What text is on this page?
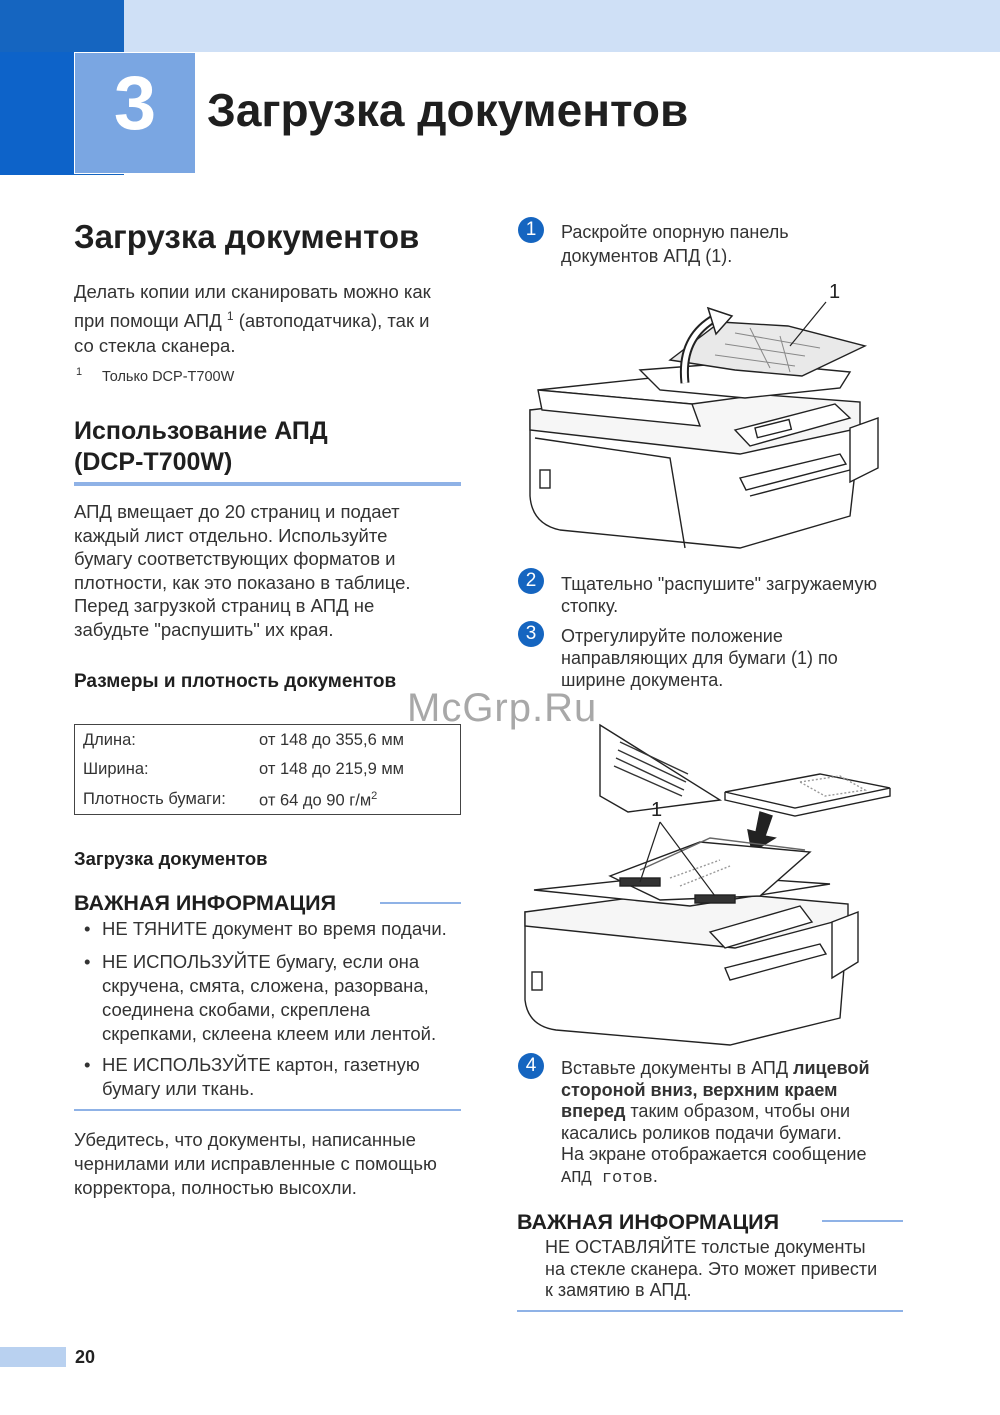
3	Загрузка документов
Загрузка документов
Делать копии или сканировать можно как
при помощи АПД $^1$ (автоподатчика), так и
со стекла сканера.
1 Только DCP-T700W
Использование АПД
(DCP-T700W)
АПД вмещает до 20 страниц и подает
каждый лист отдельно. Используйте
бумагу соответствующих форматов и
плотности, как это показано в таблице.
Перед загрузкой страниц в АПД не
забудьте "распушить" их края.
Размеры и плотность документов
Длина:	от 148 до 355,6 мм
Ширина:	от 148 до 215,9 мм
Плотность бумаги: от 64 до 90 $г/м^2$
Загрузка документов
ВАЖНАЯ ИНФОРМАЦИЯ
• НЕ ТЯНИТЕ документ во время подачи.
• НЕ ИСПОЛЬЗУЙТЕ бумагу, если она
скручена, смята, сложена, разорвана,
соединена скобами, скреплена
скрепками, склеена клеем или лентой.
• НЕ ИСПОЛЬЗУЙТЕ картон, газетную
бумагу или ткань.
Убедитесь, что документы, написанные
чернилами или исправленные с помощью
корректора, полностью высохли.
1	Раскройте опорную панель
документов АПД (1).
1
2	Тщательно "распушите" загружаемую
стопку.
3	Отрегулируйте положение
направляющих для бумаги (1) по
ширине документа.
1
4	Вставьте документы в АПД лицевой
стороной вниз, верхним краем
вперед таким образом, чтобы они
касались роликов подачи бумаги.
На экране отображается сообщение
АПД готов.
ВАЖНАЯ ИНФОРМАЦИЯ
НЕ ОСТАВЛЯЙТЕ толстые документы
на стекле сканера. Это может привести
к замятию в АПД.
McGrp.Ru
20
